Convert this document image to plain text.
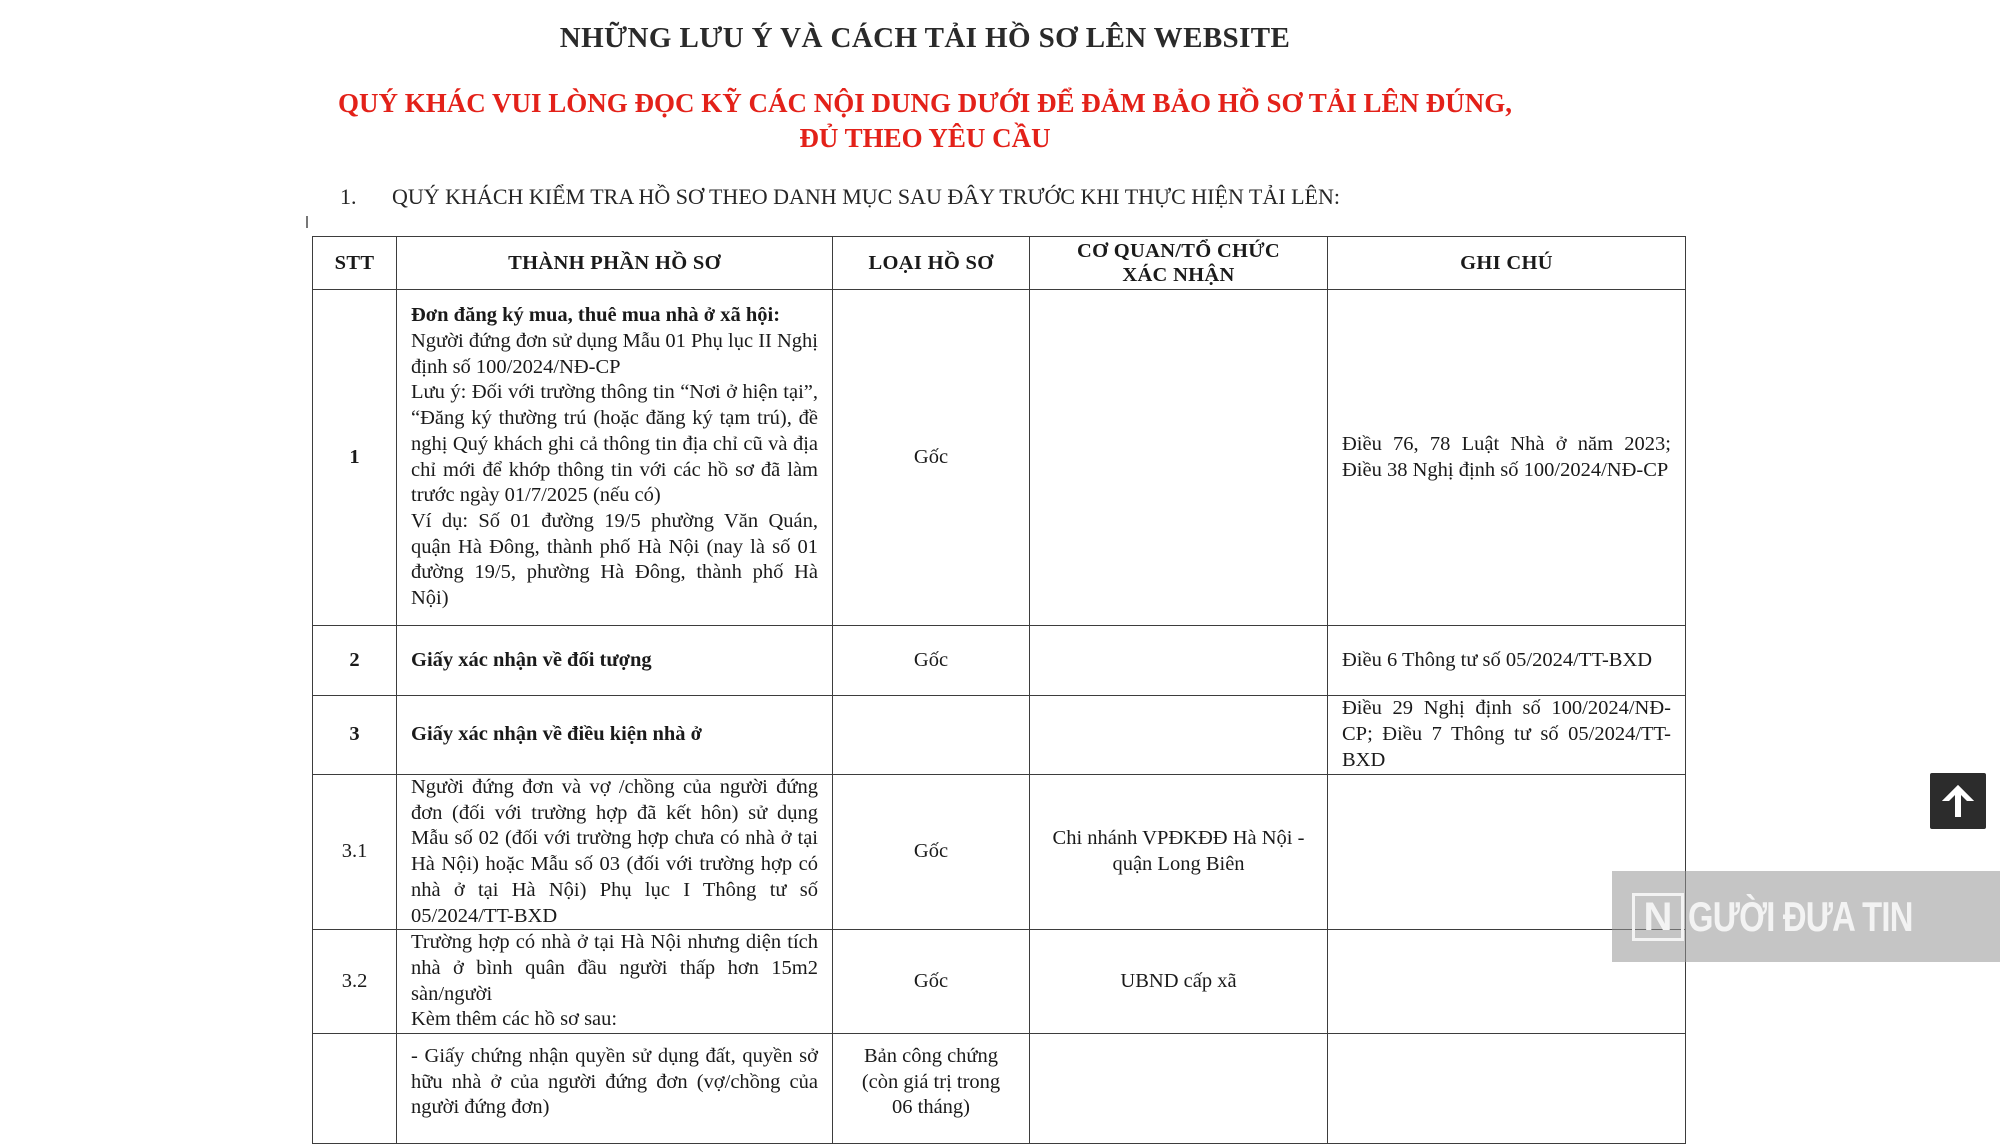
NHỮNG LƯU Ý VÀ CÁCH TẢI HỒ SƠ LÊN WEBSITE
QUÝ KHÁC VUI LÒNG ĐỌC KỸ CÁC NỘI DUNG DƯỚI ĐỂ ĐẢM BẢO HỒ SƠ TẢI LÊN ĐÚNG,
ĐỦ THEO YÊU CẦU
1. QUÝ KHÁCH KIỂM TRA HỒ SƠ THEO DANH MỤC SAU ĐÂY TRƯỚC KHI THỰC HIỆN TẢI LÊN:
STT	THÀNH PHẦN HỒ SƠ	LOẠI HỒ SƠ	CƠ QUAN/TỔ CHỨC
XÁC NHẬN	GHI CHÚ
1	Đơn đăng ký mua, thuê mua nhà ở xã hội:
Người đứng đơn sử dụng Mẫu 01 Phụ lục II Nghị định số 100/2024/NĐ-CP
Lưu ý: Đối với trường thông tin “Nơi ở hiện tại”, “Đăng ký thường trú (hoặc đăng ký tạm trú), đề nghị Quý khách ghi cả thông tin địa chỉ cũ và địa chỉ mới để khớp thông tin với các hồ sơ đã làm trước ngày 01/7/2025 (nếu có)
Ví dụ: Số 01 đường 19/5 phường Văn Quán, quận Hà Đông, thành phố Hà Nội (nay là số 01 đường 19/5, phường Hà Đông, thành phố Hà Nội)	Gốc		Điều 76, 78 Luật Nhà ở năm 2023; Điều 38 Nghị định số 100/2024/NĐ-CP
2	Giấy xác nhận về đối tượng	Gốc		Điều 6 Thông tư số 05/2024/TT-BXD
3	Giấy xác nhận về điều kiện nhà ở			Điều 29 Nghị định số 100/2024/NĐ-CP; Điều 7 Thông tư số 05/2024/TT-BXD
3.1	Người đứng đơn và vợ /chồng của người đứng đơn (đối với trường hợp đã kết hôn) sử dụng Mẫu số 02 (đối với trường hợp chưa có nhà ở tại Hà Nội) hoặc Mẫu số 03 (đối với trường hợp có nhà ở tại Hà Nội) Phụ lục I Thông tư số 05/2024/TT-BXD	Gốc	Chi nhánh VPĐKĐĐ Hà Nội - quận Long Biên	
3.2	Trường hợp có nhà ở tại Hà Nội nhưng diện tích nhà ở bình quân đầu người thấp hơn 15m2 sàn/người
Kèm thêm các hồ sơ sau:	Gốc	UBND cấp xã	
	- Giấy chứng nhận quyền sử dụng đất, quyền sở hữu nhà ở của người đứng đơn (vợ/chồng của người đứng đơn)	Bản công chứng
(còn giá trị trong
06 tháng)		

N GƯỜI ĐƯA TIN
